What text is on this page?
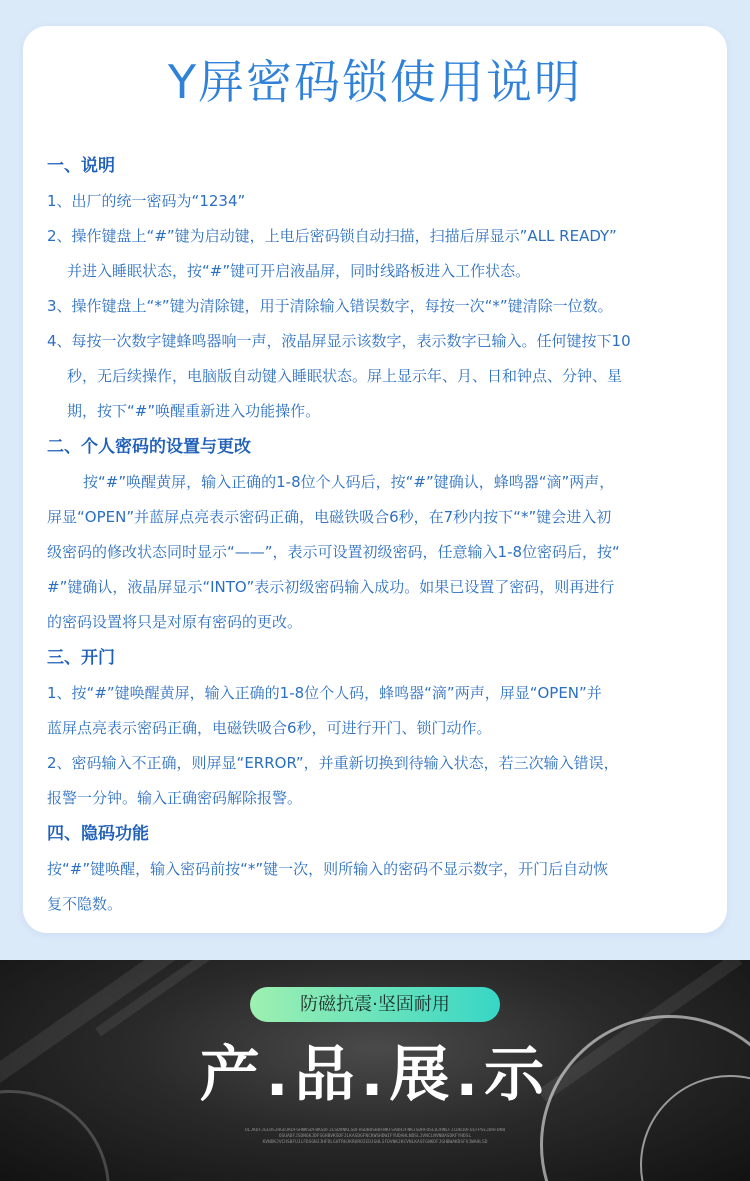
Y屏密码锁使用说明
一、说明
1、出厂的统一密码为“1234”
2、操作键盘上“#”键为启动键，上电后密码锁自动扫描，扫描后屏显示”ALL READY”
并进入睡眠状态，按“#”键可开启液晶屏，同时线路板进入工作状态。
3、操作键盘上“*”键为清除键，用于清除输入错误数字，每按一次“*”键清除一位数。
4、每按一次数字键蜂鸣器响一声，液晶屏显示该数字，表示数字已输入。任何键按下10
秒，无后续操作，电脑版自动键入睡眠状态。屏上显示年、月、日和钟点、分钟、星
期，按下“#”唤醒重新进入功能操作。
二、个人密码的设置与更改
按“#”唤醒黄屏，输入正确的1-8位个人码后，按“#”键确认，蜂鸣器“滴”两声，
屏显“OPEN”并蓝屏点亮表示密码正确，电磁铁吸合6秒，在7秒内按下“*”键会进入初
级密码的修改状态同时显示“——”，表示可设置初级密码，任意输入1-8位密码后，按“
#”键确认，液晶屏显示“INTO”表示初级密码输入成功。如果已设置了密码，则再进行
的密码设置将只是对原有密码的更改。
三、开门
1、按“#”键唤醒黄屏，输入正确的1-8位个人码，蜂鸣器“滴”两声，屏显“OPEN”并
蓝屏点亮表示密码正确，电磁铁吸合6秒，可进行开门、锁门动作。
2、密码输入不正确，则屏显“ERROR”，并重新切换到待输入状态，若三次输入错误，
报警一分钟。输入正确密码解除报警。
四、隐码功能
按“#”键唤醒，输入密码前按“*”键一次，则所输入的密码不显示数字，开门后自动恢
复不隐数。
防磁抗震·坚固耐用
产.品.展.示
OLJKDFJGLDSJHGOJKDFGHNKSDFBKSDFJLSDVNKLSDFHSDBUSBDFNKFSADHJFNKJSDHFOSLDJHNLFJCDBJDFOIFPSEJDHFDKW
OSUADFJSDNGKJDFSGHBVKSDFJLKASDGFNCKWSHDWIFYUDAHLNDSLJVNCLNVNBASDKFYHDSL
KVNDKJVCHSBFUJLFDSGNJJHFDLGHTRHJKRUROIEDJGHLSFDVNKJKCVNLKASFGHKDFJGHBWAKDSFVJWAHLSD
